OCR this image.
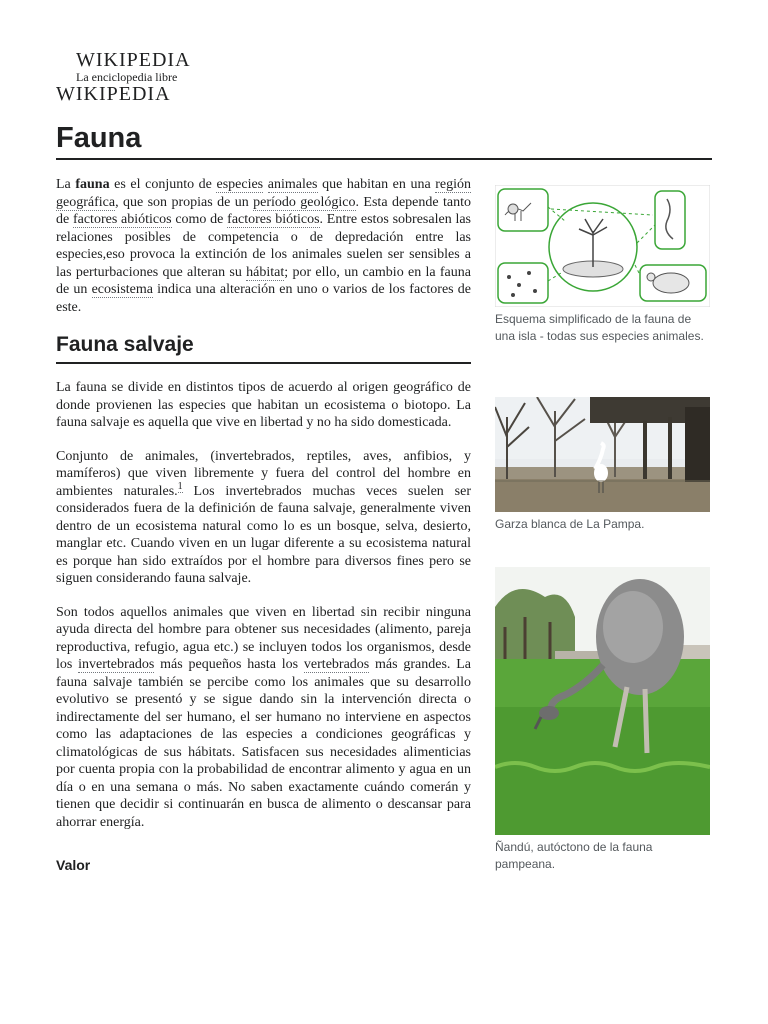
WIKIPEDIA
La enciclopedia libre
WIKIPEDIA
Fauna

La fauna es el conjunto de especies animales que habitan en una región geográfica, que son propias de un período geológico. Esta depende tanto de factores abióticos como de factores bióticos. Entre estos sobresalen las relaciones posibles de competencia o de depredación entre las especies,eso provoca la extinción de los animales suelen ser sensibles a las perturbaciones que alteran su hábitat; por ello, un cambio en la fauna de un ecosistema indica una alteración en uno o varios de los factores de este.

Fauna salvaje

La fauna se divide en distintos tipos de acuerdo al origen geográfico de donde provienen las especies que habitan un ecosistema o biotopo. La fauna salvaje es aquella que vive en libertad y no ha sido domesticada.

Conjunto de animales, (invertebrados, reptiles, aves, anfibios, y mamíferos) que viven libremente y fuera del control del hombre en ambientes naturales.$^1$ Los invertebrados muchas veces suelen ser considerados fuera de la definición de fauna salvaje, generalmente viven dentro de un ecosistema natural como lo es un bosque, selva, desierto, manglar etc. Cuando viven en un lugar diferente a su ecosistema natural es porque han sido extraídos por el hombre para diversos fines pero se siguen considerando fauna salvaje.

Son todos aquellos animales que viven en libertad sin recibir ninguna ayuda directa del hombre para obtener sus necesidades (alimento, pareja reproductiva, refugio, agua etc.) se incluyen todos los organismos, desde los invertebrados más pequeños hasta los vertebrados más grandes. La fauna salvaje también se percibe como los animales que su desarrollo evolutivo se presentó y se sigue dando sin la intervención directa o indirectamente del ser humano, el ser humano no interviene en aspectos como las adaptaciones de las especies a condiciones geográficas y climatológicas de sus hábitats. Satisfacen sus necesidades alimenticias por cuenta propia con la probabilidad de encontrar alimento y agua en un día o en una semana o más. No saben exactamente cuándo comerán y tienen que decidir si continuarán en busca de alimento o descansar para ahorrar energía.

Valor
Esquema simplificado de la fauna de una isla - todas sus especies animales.
Garza blanca de La Pampa.
Ñandú, autóctono de la fauna pampeana.
